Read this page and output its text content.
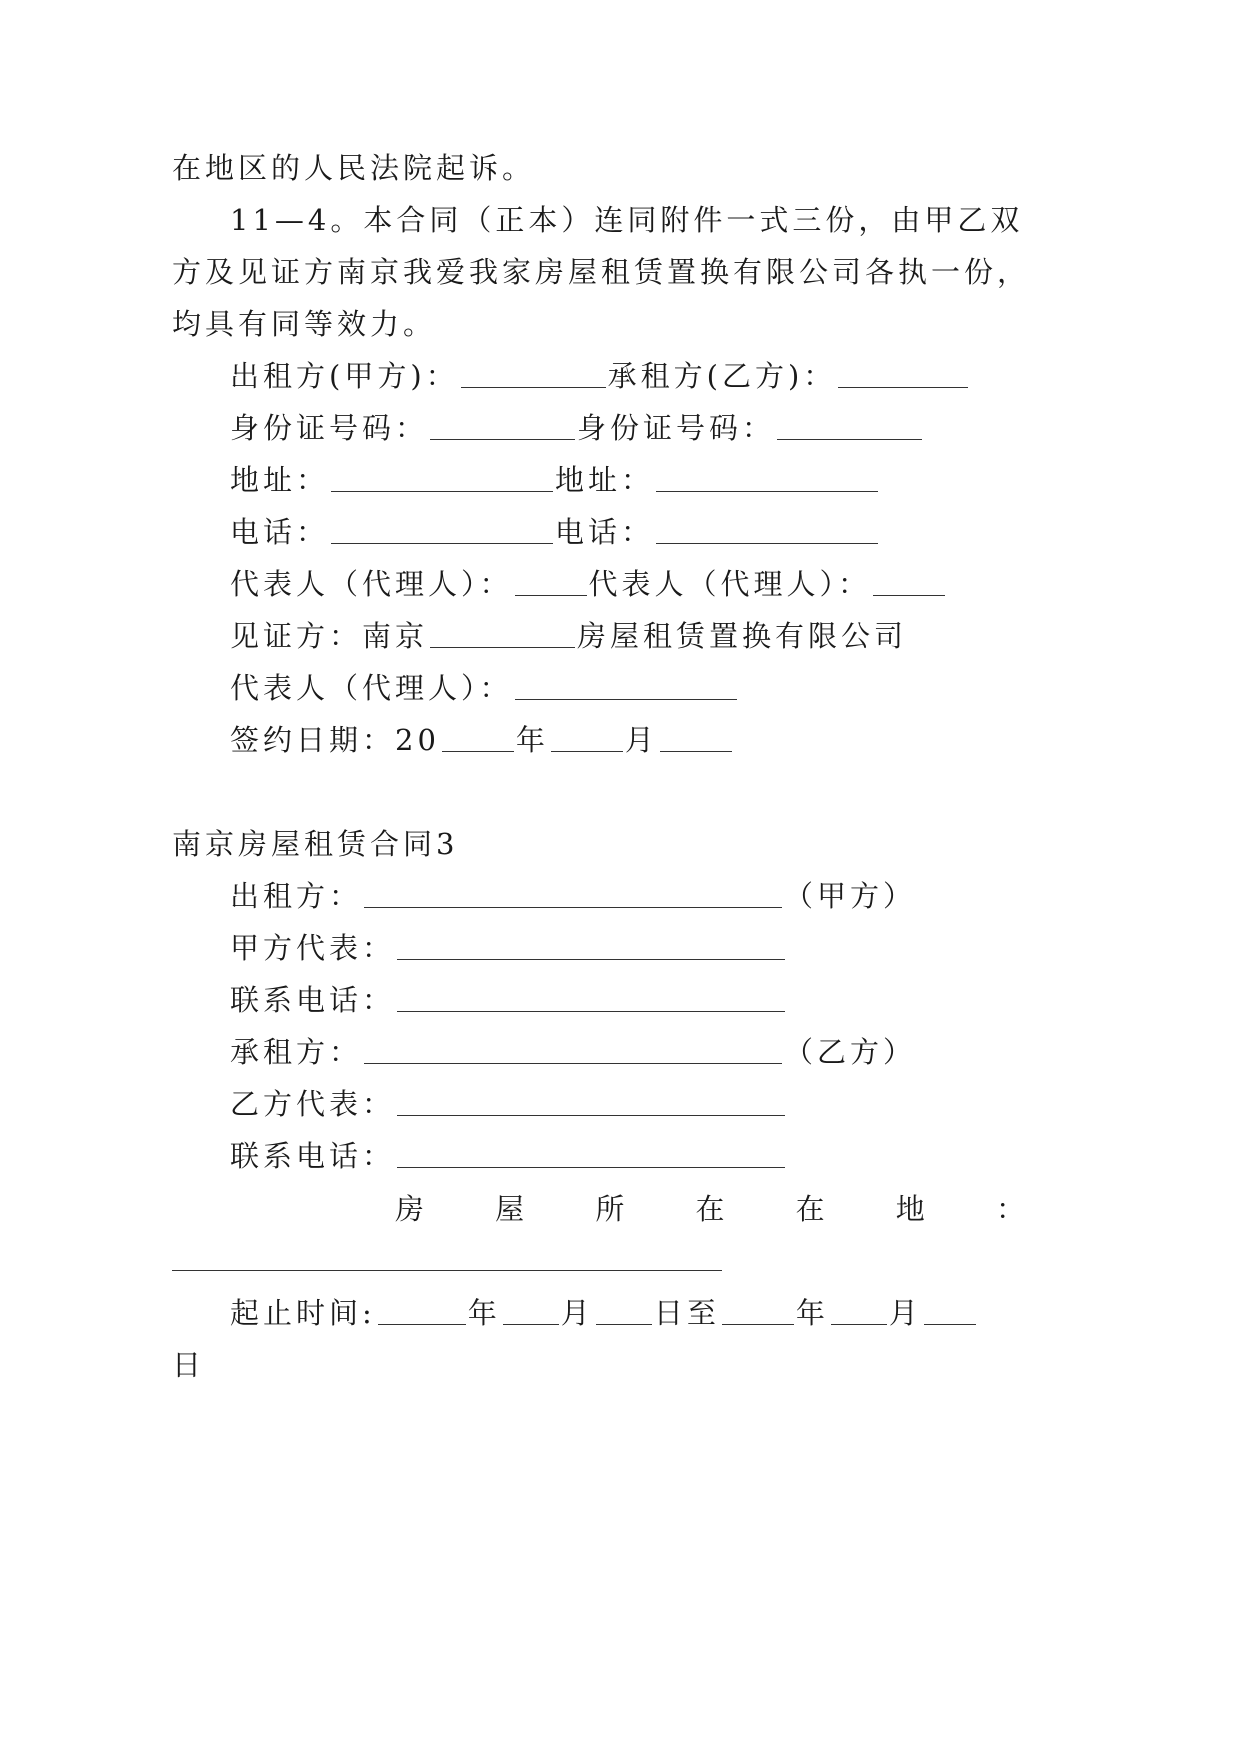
在地区的人民法院起诉。
11—4。本合同（正本）连同附件一式三份，由甲乙双
方及见证方南京我爱我家房屋租赁置换有限公司各执一份，
均具有同等效力。
出租方(甲方)：	承租方(乙方)：
身份证号码：	身份证号码：
地址：	地址：
电话：	电话：
代表人（代理人）：	代表人（代理人）：
见证方：南京	房屋租赁置换有限公司
代表人（代理人）：
签约日期：20	年	月
南京房屋租赁合同3
出租方：	（甲方）
甲方代表：
联系电话：
承租方：	（乙方）
乙方代表：
联系电话：
房 屋 所 在 在 地 ：
起止时间:	年 月 日至	年 月
日
